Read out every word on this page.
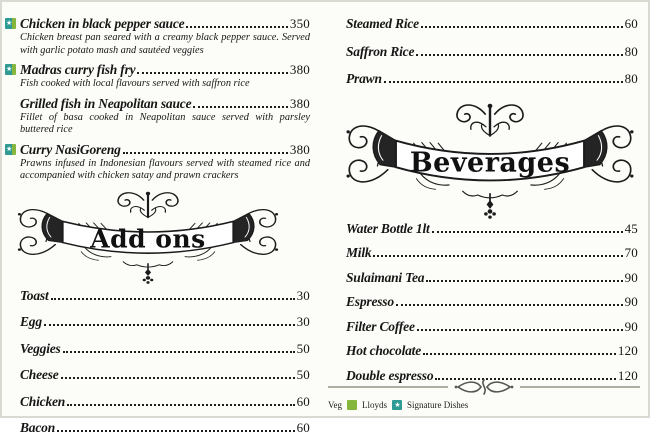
★ Chicken in black pepper sauce	350

Chicken breast pan seared with a creamy black pepper sauce. Served with garlic potato mash and sautéed veggies

★ Madras curry fish fry	380

Fish cooked with local flavours served with saffron rice

Grilled fish in Neapolitan sauce	380

Fillet of basa cooked in Neapolitan sauce served with parsley buttered rice

★ Curry NasiGoreng	380

Prawns infused in Indonesian flavours served with steamed rice and accompanied with chicken satay and prawn crackers

Add ons
Toast	30
Egg	30
Veggies	50
Cheese	50
Chicken	60
Bacon	60
Steamed Rice	60
Saffron Rice	80
Prawn	80
Beverages
Water Bottle 1lt	45
Milk	70
Sulaimani Tea	90
Espresso	90
Filter Coffee	90
Hot chocolate	120
Double espresso	120
Veg Lloyds ★ Signature Dishes
